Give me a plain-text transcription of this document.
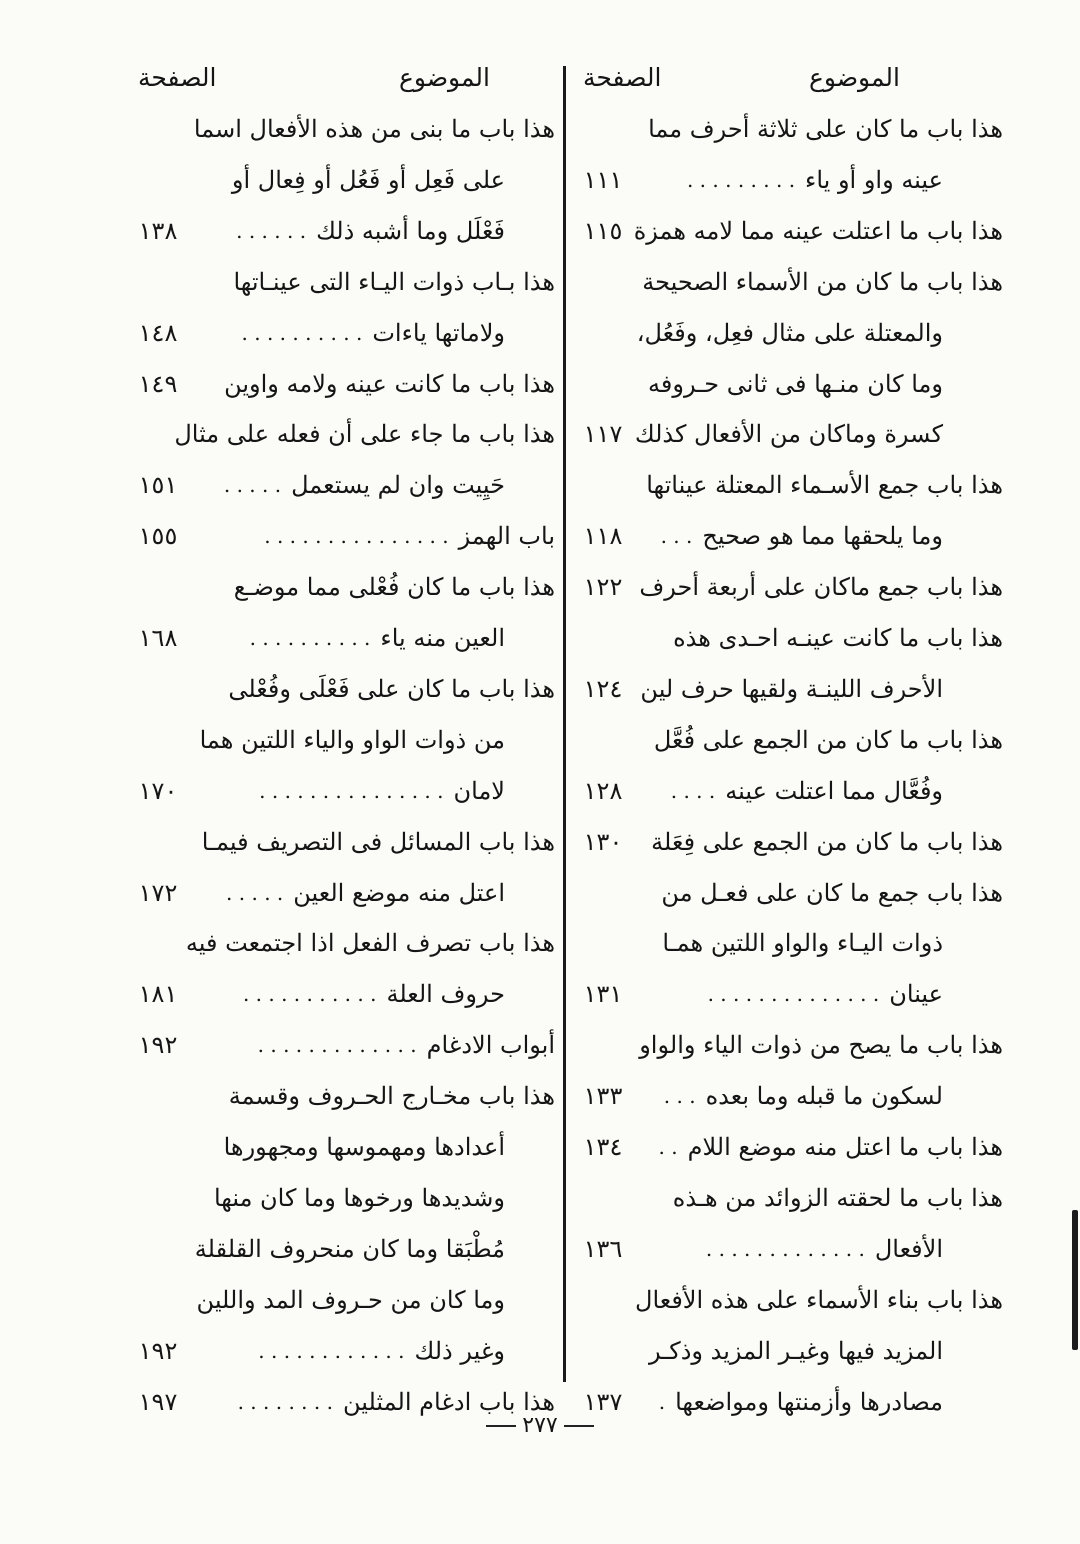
الموضوع
الصفحة
الموضوع
الصفحة
هذا باب ما كان على ثلاثة أحرف مما
عينه واو أو ياء
١١١
هذا باب ما اعتلت عينه مما لامه همزة
١١٥
هذا باب ما كان من الأسماء الصحيحة
والمعتلة على مثال فعِل، وفَعُل،
وما كان منـها فى ثانى حـروفه
كسرة وماكان من الأفعال كذلك
١١٧
هذا باب جمع الأسـماء المعتلة عيناتها
وما يلحقها مما هو صحيح
١١٨
هذا باب جمع ماكان على أربعة أحرف
١٢٢
هذا باب ما كانت عينـه احـدى هذه
الأحرف اللينـة ولقيها حرف لين
١٢٤
هذا باب ما كان من الجمع على فُعَّل
وفُعَّال مما اعتلت عينه
١٢٨
هذا باب ما كان من الجمع على فِعَلة
١٣٠
هذا باب جمع ما كان على فعـل من
ذوات اليـاء والواو اللتين همـا
عينان
١٣١
هذا باب ما يصح من ذوات الياء والواو
لسكون ما قبله وما بعده
١٣٣
هذا باب ما اعتل منه موضع اللام
١٣٤
هذا باب ما لحقته الزوائد من هـذه
الأفعال
١٣٦
هذا باب بناء الأسماء على هذه الأفعال
المزيد فيها وغيـر المزيد وذكـر
مصادرها وأزمنتها ومواضعها
١٣٧
. . . . . . . . .
. . .
. . . .
. . . . . . . . . . . . . .
. . .
. .
. . . . . . . . . . . . .
.
هذا باب ما بنى من هذه الأفعال اسما
على فَعِل أو فَعُل أو فِعال أو
فَعْلَل وما أشبه ذلك
١٣٨
هذا بـاب ذوات اليـاء التى عينـاتها
ولاماتها ياءات
١٤٨
هذا باب ما كانت عينه ولامه واوين
١٤٩
هذا باب ما جاء على أن فعله على مثال
حَيِيت وان لم يستعمل
١٥١
باب الهمز
١٥٥
هذا باب ما كان فُعْلى مما موضـع
العين منه ياء
١٦٨
هذا باب ما كان على فَعْلَى وفُعْلى
من ذوات الواو والياء اللتين هما
لامان
١٧٠
هذا باب المسائل فى التصريف فيمـا
اعتل منه موضع العين
١٧٢
هذا باب تصرف الفعل اذا اجتمعت فيه
حروف العلة
١٨١
أبواب الادغام
١٩٢
هذا باب مخـارج الحـروف وقسمة
أعدادها ومهموسها ومجهورها
وشديدها ورخوها وما كان منها
مُطْبَقا وما كان منحروف القلقلة
وما كان من حـروف المد واللين
وغير ذلك
١٩٢
هذا باب ادغام المثلين
١٩٧
. . . . . .
. . . . . . . . . .
. . . . .
. . . . . . . . . . . . . . .
. . . . . . . . . .
. . . . . . . . . . . . . . .
. . . . .
. . . . . . . . . . .
. . . . . . . . . . . . .
. . . . . . . . . . . .
. . . . . . . .
٢٧٧
